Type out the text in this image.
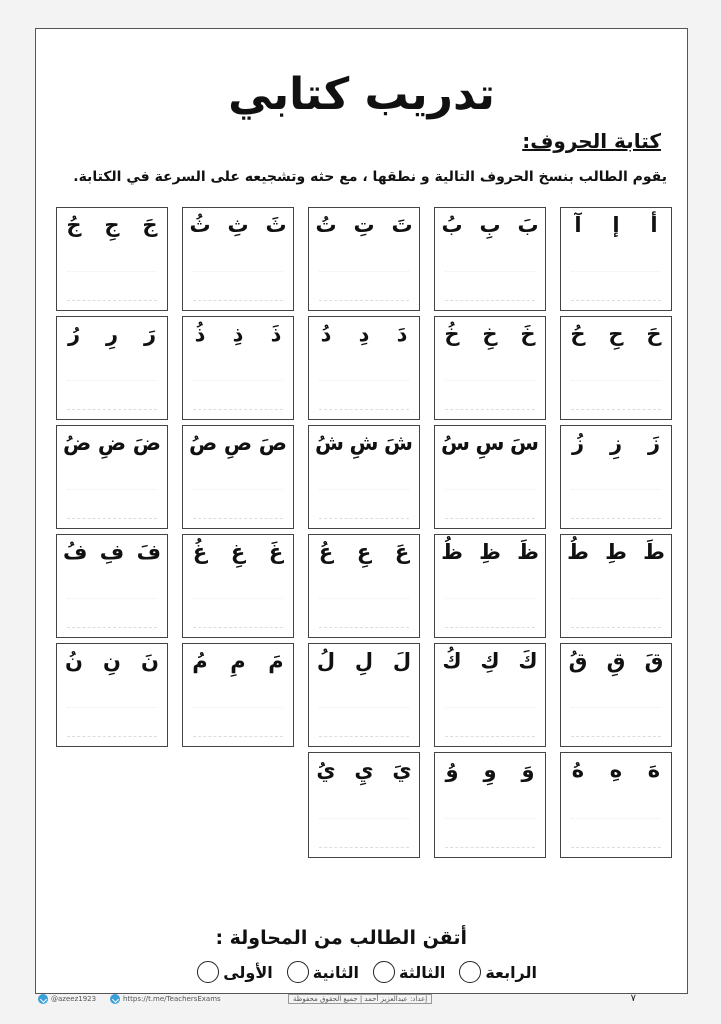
تدريب كتابي
كتابة الحروف:
يقوم الطالب بنسخ الحروف التالية و نطقها ، مع حثه وتشجيعه على السرعة في الكتابة.
أ
إ
آ
بَ
بِ
بُ
تَ
تِ
تُ
ثَ
ثِ
ثُ
جَ
جِ
جُ
حَ
حِ
حُ
خَ
خِ
خُ
دَ
دِ
دُ
ذَ
ذِ
ذُ
رَ
رِ
رُ
زَ
زِ
زُ
سَ
سِ
سُ
شَ
شِ
شُ
صَ
صِ
صُ
ضَ
ضِ
ضُ
طَ
طِ
طُ
ظَ
ظِ
ظُ
عَ
عِ
عُ
غَ
غِ
غُ
فَ
فِ
فُ
قَ
قِ
قُ
كَ
كِ
كُ
لَ
لِ
لُ
مَ
مِ
مُ
نَ
نِ
نُ
هَ
هِ
هُ
وَ
وِ
وُ
يَ
يِ
يُ
أتقن الطالب من المحاولة :
الأولى	الثانية	الثالثة	الرابعة
@azeez1923	https://t.me/TeachersExams	إعداد: عبدالعزيز أحمد | جميع الحقوق محفوظة	٧
